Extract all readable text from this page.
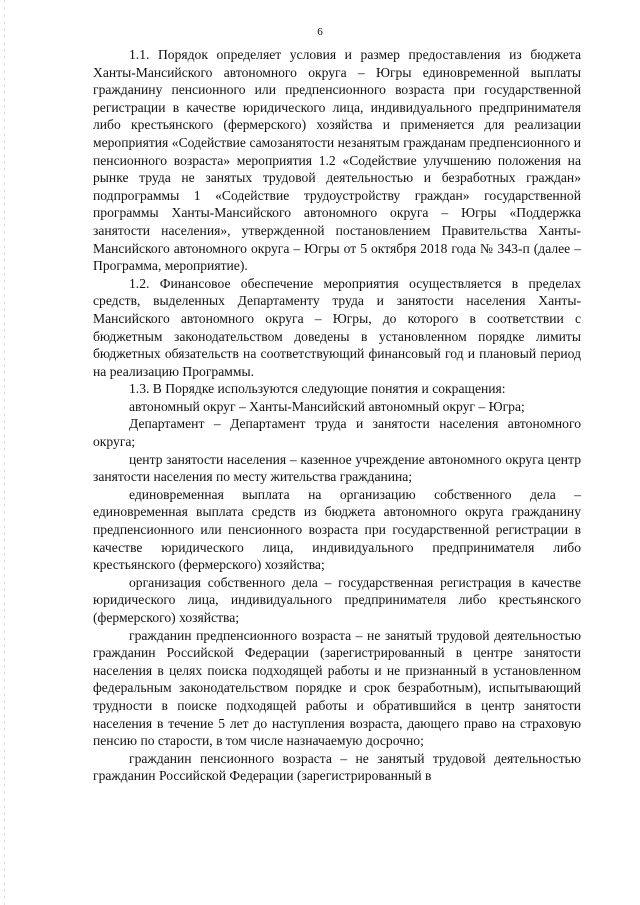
6

1.1. Порядок определяет условия и размер предоставления из бюджета Ханты-Мансийского автономного округа – Югры единовременной выплаты гражданину пенсионного или предпенсионного возраста при государственной регистрации в качестве юридического лица, индивидуального предпринимателя либо крестьянского (фермерского) хозяйства и применяется для реализации мероприятия «Содействие самозанятости незанятым гражданам предпенсионного и пенсионного возраста» мероприятия 1.2 «Содействие улучшению положения на рынке труда не занятых трудовой деятельностью и безработных граждан» подпрограммы 1 «Содействие трудоустройству граждан» государственной программы Ханты-Мансийского автономного округа – Югры «Поддержка занятости населения», утвержденной постановлением Правительства Ханты-Мансийского автономного округа – Югры от 5 октября 2018 года № 343-п (далее – Программа, мероприятие).

1.2. Финансовое обеспечение мероприятия осуществляется в пределах средств, выделенных Департаменту труда и занятости населения Ханты-Мансийского автономного округа – Югры, до которого в соответствии с бюджетным законодательством доведены в установленном порядке лимиты бюджетных обязательств на соответствующий финансовый год и плановый период на реализацию Программы.

1.3. В Порядке используются следующие понятия и сокращения:

автономный округ – Ханты-Мансийский автономный округ – Югра;

Департамент – Департамент труда и занятости населения автономного округа;

центр занятости населения – казенное учреждение автономного округа центр занятости населения по месту жительства гражданина;

единовременная выплата на организацию собственного дела – единовременная выплата средств из бюджета автономного округа гражданину предпенсионного или пенсионного возраста при государственной регистрации в качестве юридического лица, индивидуального предпринимателя либо крестьянского (фермерского) хозяйства;

организация собственного дела – государственная регистрация в качестве юридического лица, индивидуального предпринимателя либо крестьянского (фермерского) хозяйства;

гражданин предпенсионного возраста – не занятый трудовой деятельностью гражданин Российской Федерации (зарегистрированный в центре занятости населения в целях поиска подходящей работы и не признанный в установленном федеральным законодательством порядке и срок безработным), испытывающий трудности в поиске подходящей работы и обратившийся в центр занятости населения в течение 5 лет до наступления возраста, дающего право на страховую пенсию по старости, в том числе назначаемую досрочно;

гражданин пенсионного возраста – не занятый трудовой деятельностью гражданин Российской Федерации (зарегистрированный в
